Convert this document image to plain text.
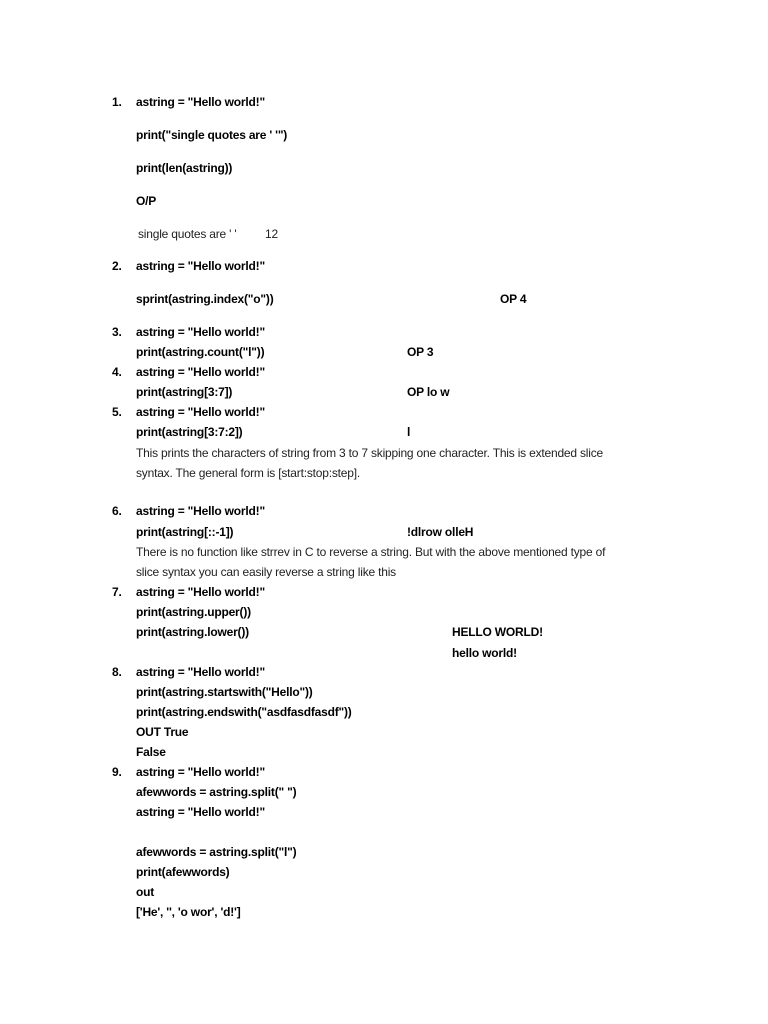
1. astring = "Hello world!"
print("single quotes are ' '")
print(len(astring))
O/P
single quotes are ' ' 12
2. astring = "Hello world!"
sprint(astring.index("o"))	OP 4
3. astring = "Hello world!"
print(astring.count("l"))	OP 3
4. astring = "Hello world!"
print(astring[3:7])	OP lo w
5. astring = "Hello world!"
print(astring[3:7:2])	l
This prints the characters of string from 3 to 7 skipping one character. This is extended slice
syntax. The general form is [start:stop:step].
6. astring = "Hello world!"
print(astring[::-1])	!dlrow olleH
There is no function like strrev in C to reverse a string. But with the above mentioned type of
slice syntax you can easily reverse a string like this
7. astring = "Hello world!"
print(astring.upper())
print(astring.lower())	HELLO WORLD!
hello world!
8. astring = "Hello world!"
print(astring.startswith("Hello"))
print(astring.endswith("asdfasdfasdf"))
OUT True
False
9. astring = "Hello world!"
afewwords = astring.split(" ")
astring = "Hello world!"
afewwords = astring.split("l")
print(afewwords)
out
['He', '', 'o wor', 'd!']
